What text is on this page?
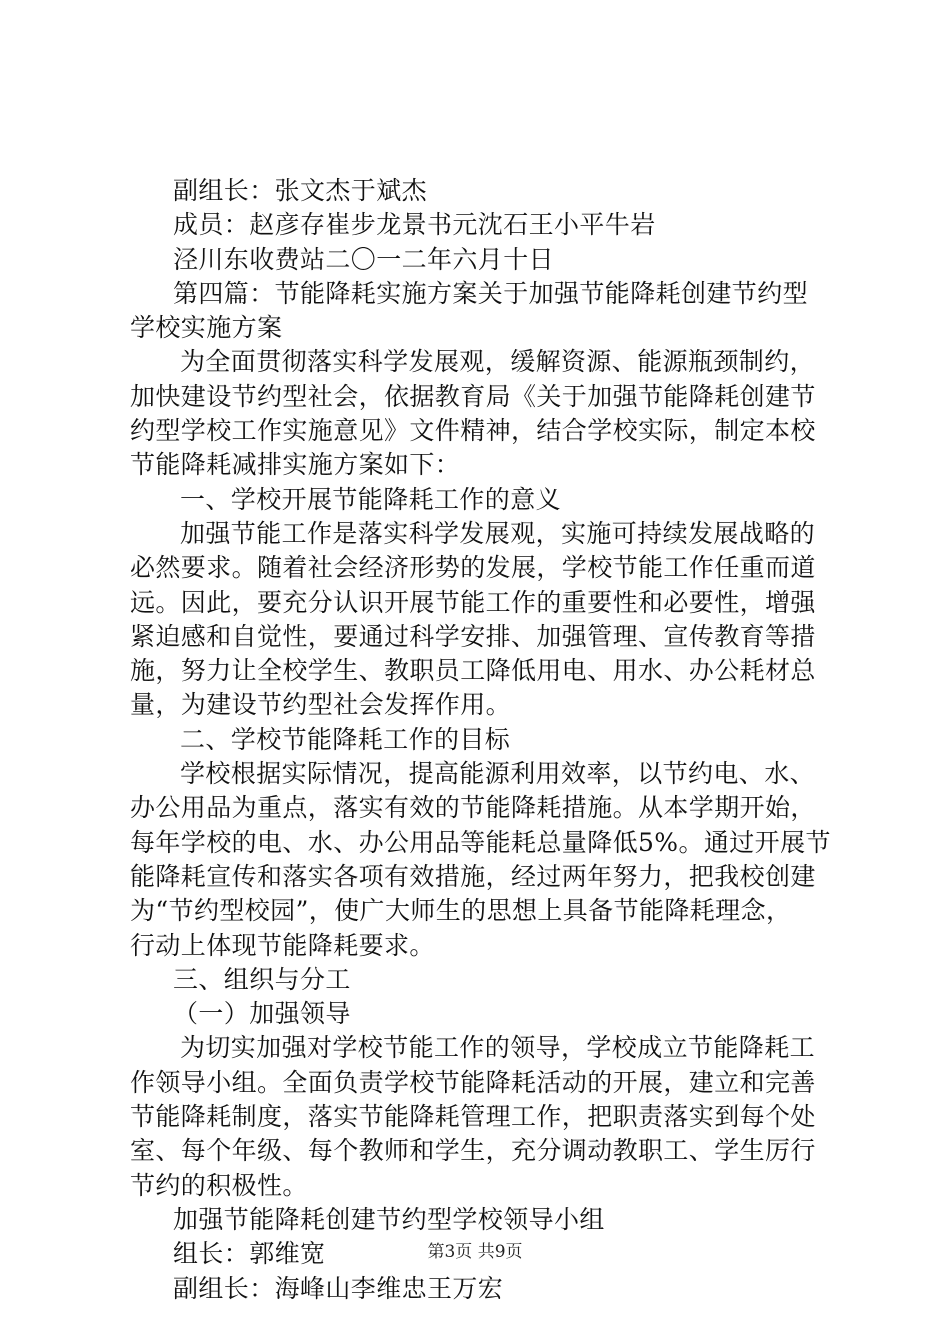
副组长：张文杰于斌杰
成员：赵彦存崔步龙景书元沈石王小平牛岩
泾川东收费站二〇一二年六月十日
第四篇：节能降耗实施方案关于加强节能降耗创建节约型
学校实施方案
为全面贯彻落实科学发展观，缓解资源、能源瓶颈制约，
加快建设节约型社会，依据教育局《关于加强节能降耗创建节
约型学校工作实施意见》文件精神，结合学校实际，制定本校
节能降耗减排实施方案如下：
一、学校开展节能降耗工作的意义
加强节能工作是落实科学发展观，实施可持续发展战略的
必然要求。随着社会经济形势的发展，学校节能工作任重而道
远。因此，要充分认识开展节能工作的重要性和必要性，增强
紧迫感和自觉性，要通过科学安排、加强管理、宣传教育等措
施，努力让全校学生、教职员工降低用电、用水、办公耗材总
量，为建设节约型社会发挥作用。
二、学校节能降耗工作的目标
学校根据实际情况，提高能源利用效率，以节约电、水、
办公用品为重点，落实有效的节能降耗措施。从本学期开始，
每年学校的电、水、办公用品等能耗总量降低5%。通过开展节
能降耗宣传和落实各项有效措施，经过两年努力，把我校创建
为“节约型校园”，使广大师生的思想上具备节能降耗理念，
行动上体现节能降耗要求。
三、组织与分工
（一）加强领导
为切实加强对学校节能工作的领导，学校成立节能降耗工
作领导小组。全面负责学校节能降耗活动的开展，建立和完善
节能降耗制度，落实节能降耗管理工作，把职责落实到每个处
室、每个年级、每个教师和学生，充分调动教职工、学生厉行
节约的积极性。
加强节能降耗创建节约型学校领导小组
组长：郭维宽
副组长：海峰山李维忠王万宏
第3页 共9页
